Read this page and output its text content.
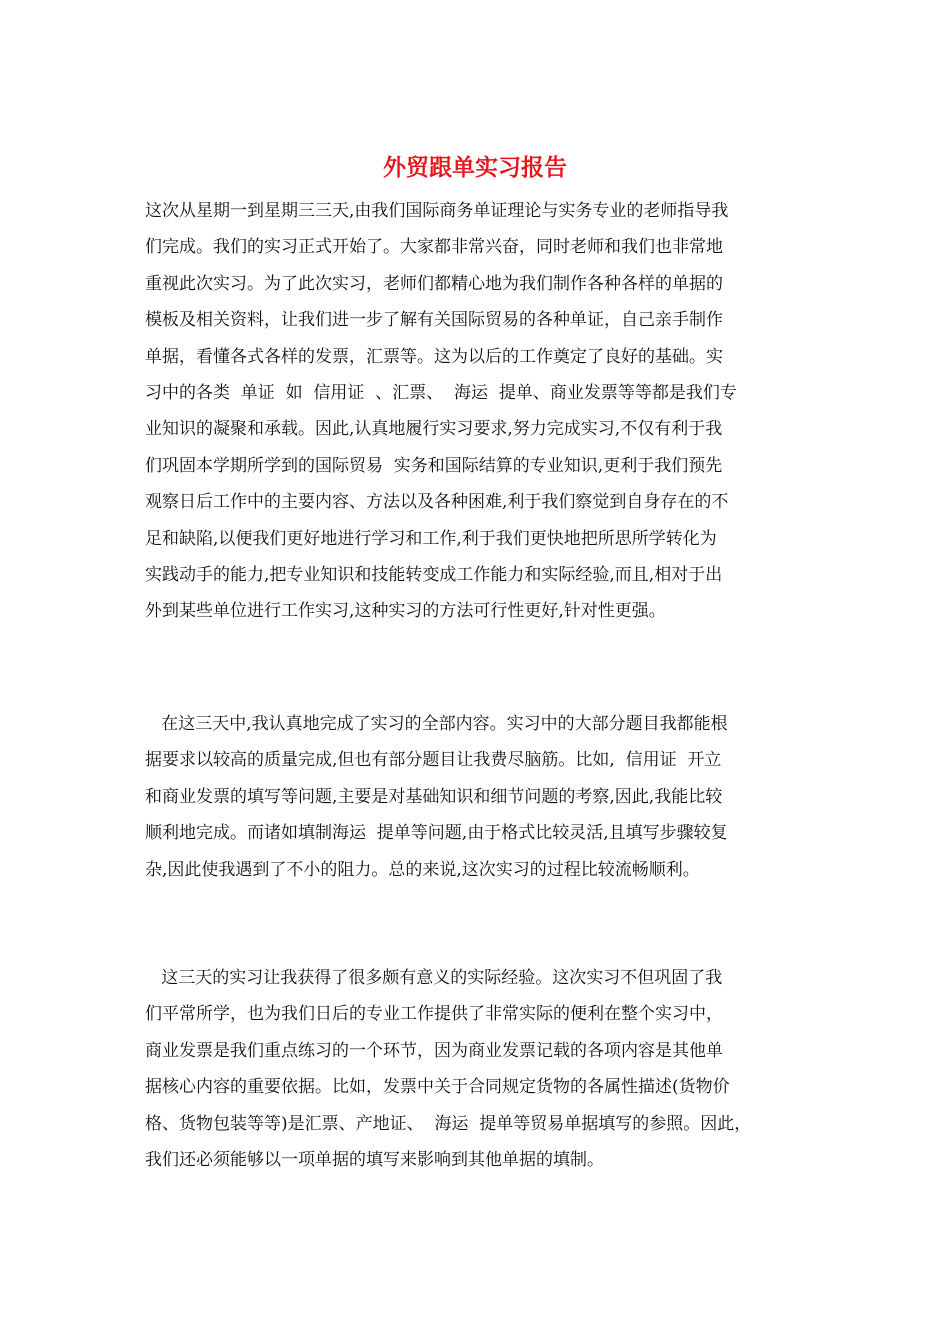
外贸跟单实习报告
这次从星期一到星期三三天,由我们国际商务单证理论与实务专业的老师指导我
们完成。我们的实习正式开始了。大家都非常兴奋，同时老师和我们也非常地
重视此次实习。为了此次实习，老师们都精心地为我们制作各种各样的单据的
模板及相关资料，让我们进一步了解有关国际贸易的各种单证，自己亲手制作
单据，看懂各式各样的发票，汇票等。这为以后的工作奠定了良好的基础。实
习中的各类  单证  如  信用证  、汇票、  海运  提单、商业发票等等都是我们专
业知识的凝聚和承载。因此,认真地履行实习要求,努力完成实习,不仅有利于我
们巩固本学期所学到的国际贸易  实务和国际结算的专业知识,更利于我们预先
观察日后工作中的主要内容、方法以及各种困难,利于我们察觉到自身存在的不
足和缺陷,以便我们更好地进行学习和工作,利于我们更快地把所思所学转化为
实践动手的能力,把专业知识和技能转变成工作能力和实际经验,而且,相对于出
外到某些单位进行工作实习,这种实习的方法可行性更好,针对性更强。
在这三天中,我认真地完成了实习的全部内容。实习中的大部分题目我都能根
据要求以较高的质量完成,但也有部分题目让我费尽脑筋。比如,  信用证  开立
和商业发票的填写等问题,主要是对基础知识和细节问题的考察,因此,我能比较
顺利地完成。而诸如填制海运  提单等问题,由于格式比较灵活,且填写步骤较复
杂,因此使我遇到了不小的阻力。总的来说,这次实习的过程比较流畅顺利。
这三天的实习让我获得了很多颇有意义的实际经验。这次实习不但巩固了我
们平常所学，也为我们日后的专业工作提供了非常实际的便利在整个实习中，
商业发票是我们重点练习的一个环节，因为商业发票记载的各项内容是其他单
据核心内容的重要依据。比如，发票中关于合同规定货物的各属性描述(货物价
格、货物包装等等)是汇票、产地证、  海运  提单等贸易单据填写的参照。因此，
我们还必须能够以一项单据的填写来影响到其他单据的填制。
